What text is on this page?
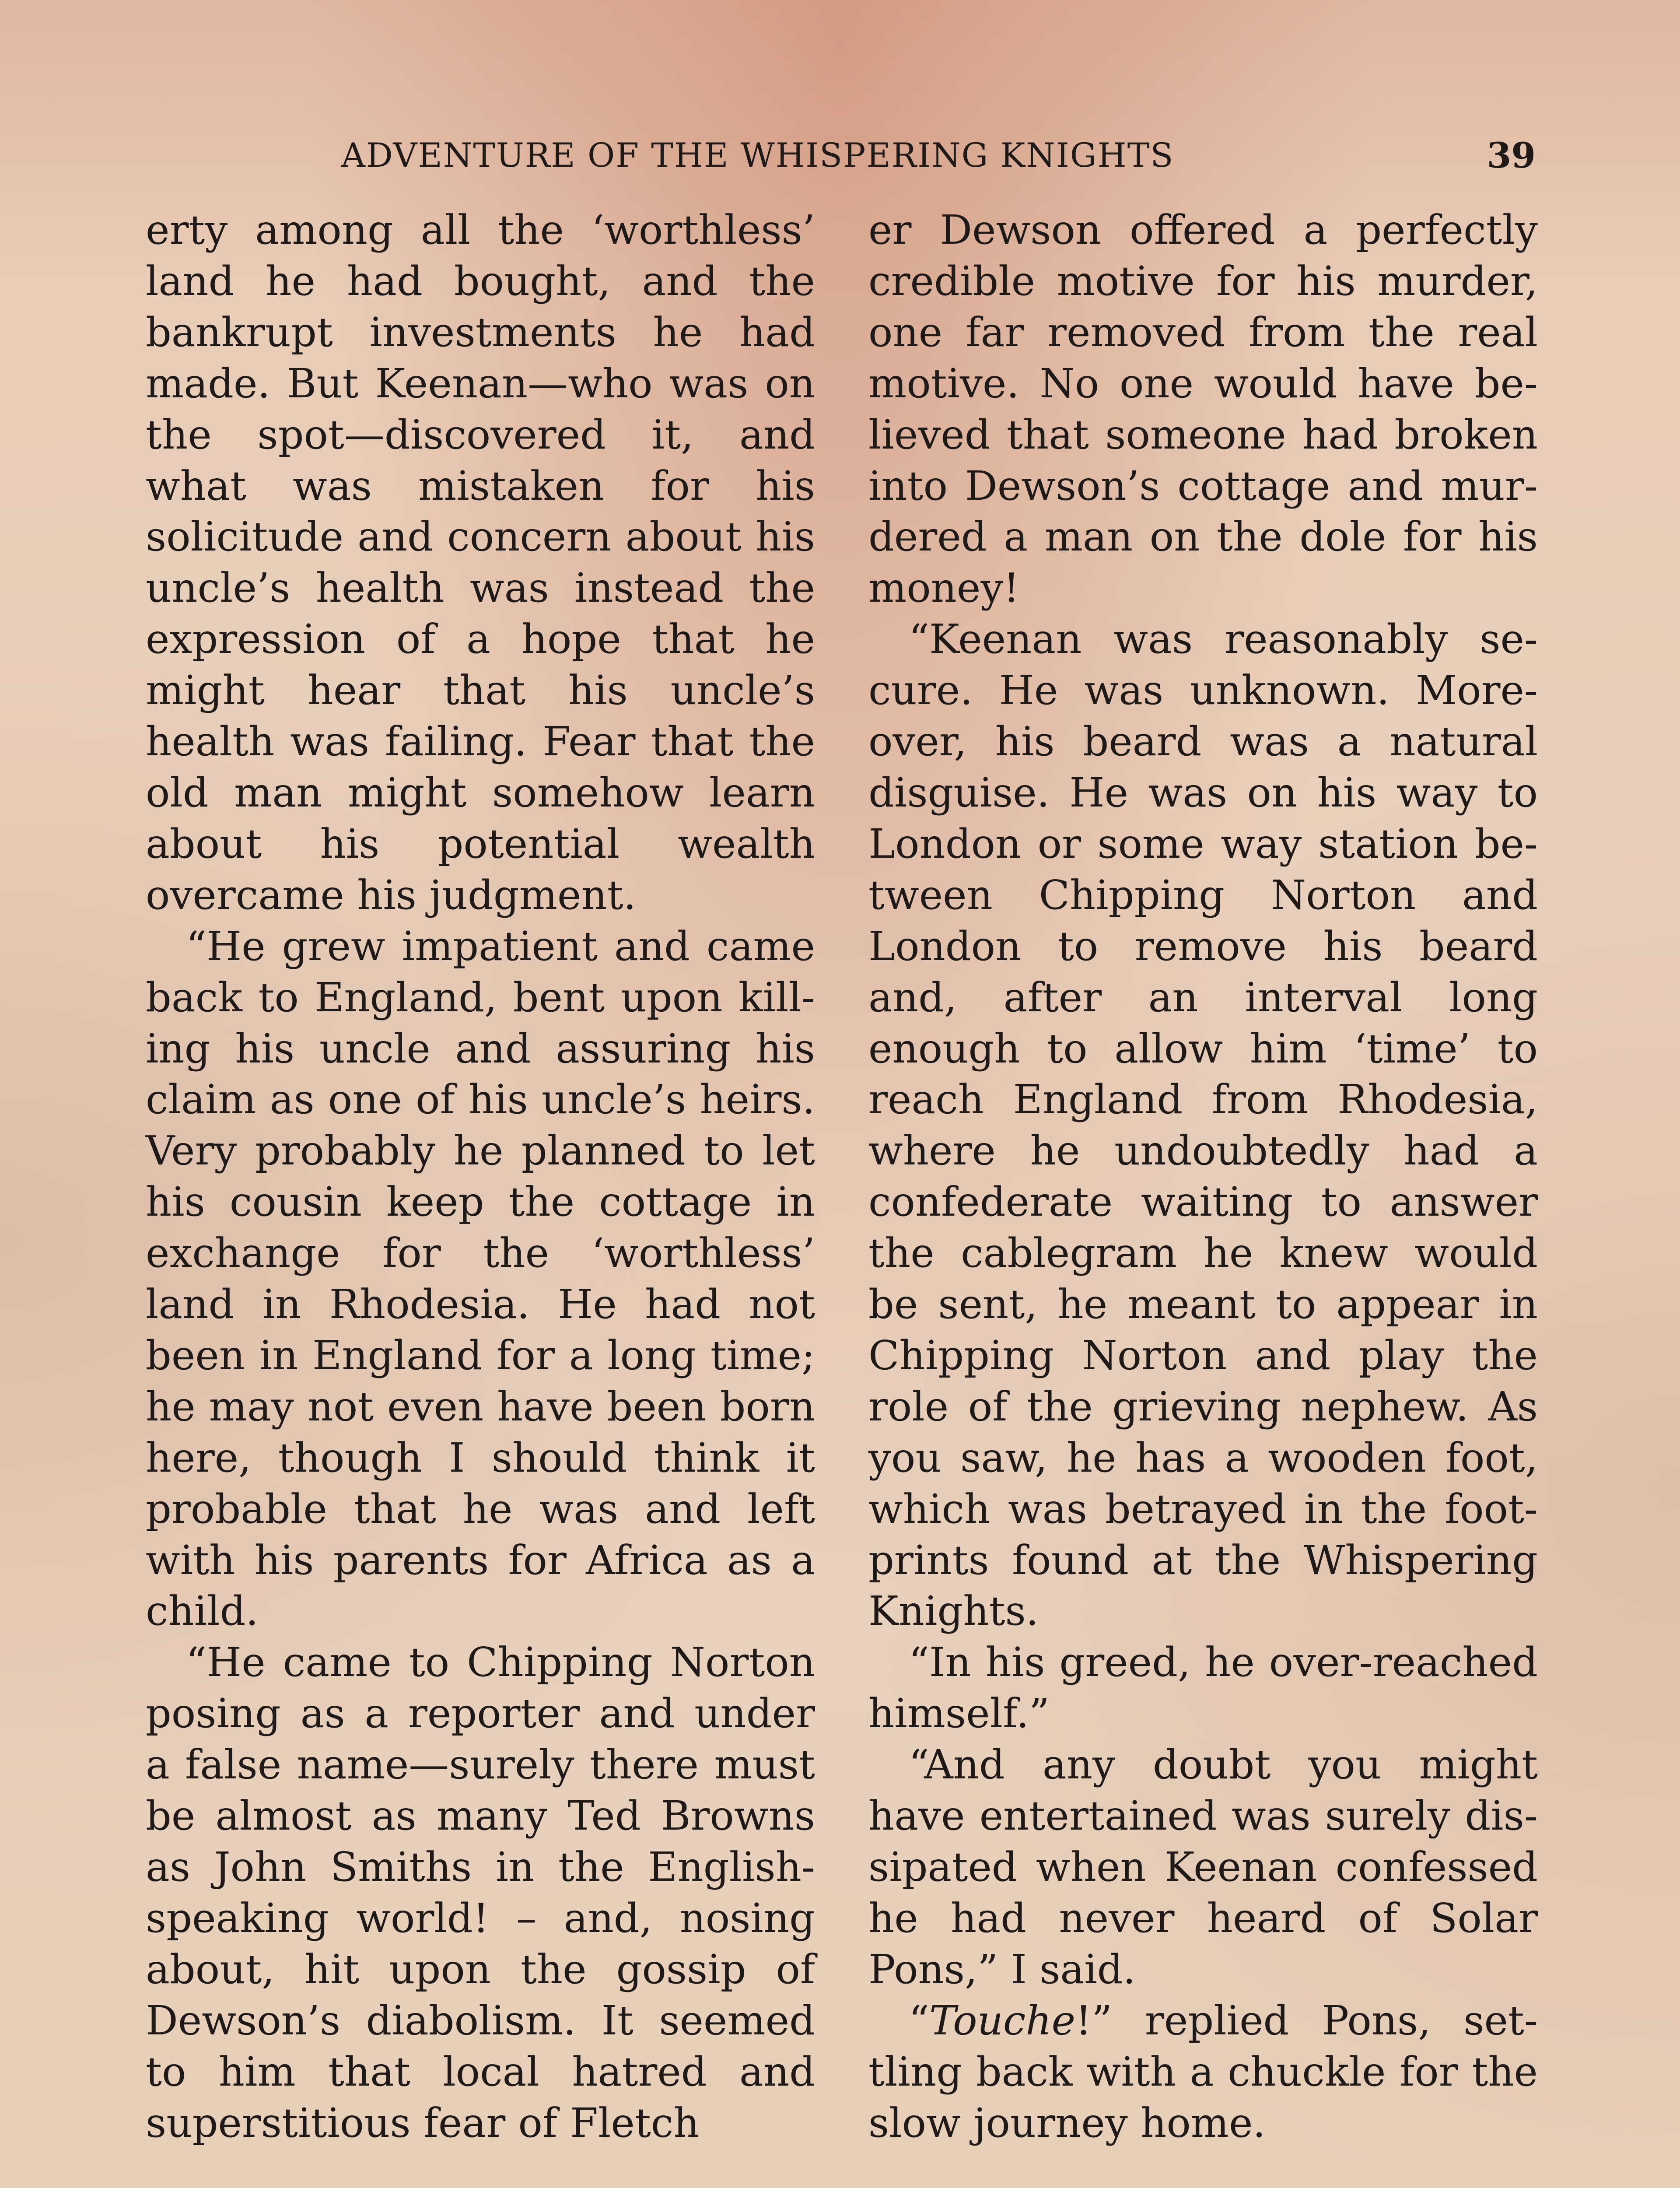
ADVENTURE OF THE WHISPERING KNIGHTS	39

erty among all the ‘worthless’ land he had bought, and the bankrupt investments he had made. But Keenan—who was on the spot—discovered it, and what was mistaken for his solicitude and concern about his uncle’s health was instead the expression of a hope that he might hear that his uncle’s health was failing. Fear that the old man might somehow learn about his potential wealth overcame his judgment.

“He grew impatient and came back to England, bent upon killing his uncle and assuring his claim as one of his uncle’s heirs. Very probably he planned to let his cousin keep the cottage in exchange for the ‘worthless’ land in Rhodesia. He had not been in England for a long time; he may not even have been born here, though I should think it probable that he was and left with his parents for Africa as a child.

“He came to Chipping Norton posing as a reporter and under a false name—surely there must be almost as many Ted Browns as John Smiths in the English-speaking world! – and, nosing about, hit upon the gossip of Dewson’s diabolism. It seemed to him that local hatred and superstitious fear of Fletch

er Dewson offered a perfectly credible motive for his murder, one far removed from the real motive. No one would have believed that someone had broken into Dewson’s cottage and murdered a man on the dole for his money!

“Keenan was reasonably secure. He was unknown. Moreover, his beard was a natural disguise. He was on his way to London or some way station between Chipping Norton and London to remove his beard and, after an interval long enough to allow him ‘time’ to reach England from Rhodesia, where he undoubtedly had a confederate waiting to answer the cablegram he knew would be sent, he meant to appear in Chipping Norton and play the role of the grieving nephew. As you saw, he has a wooden foot, which was betrayed in the footprints found at the Whispering Knights.

“In his greed, he over-reached himself.”

“And any doubt you might have entertained was surely dissipated when Keenan confessed he had never heard of Solar Pons,” I said.

“Touche!” replied Pons, settling back with a chuckle for the slow journey home.
